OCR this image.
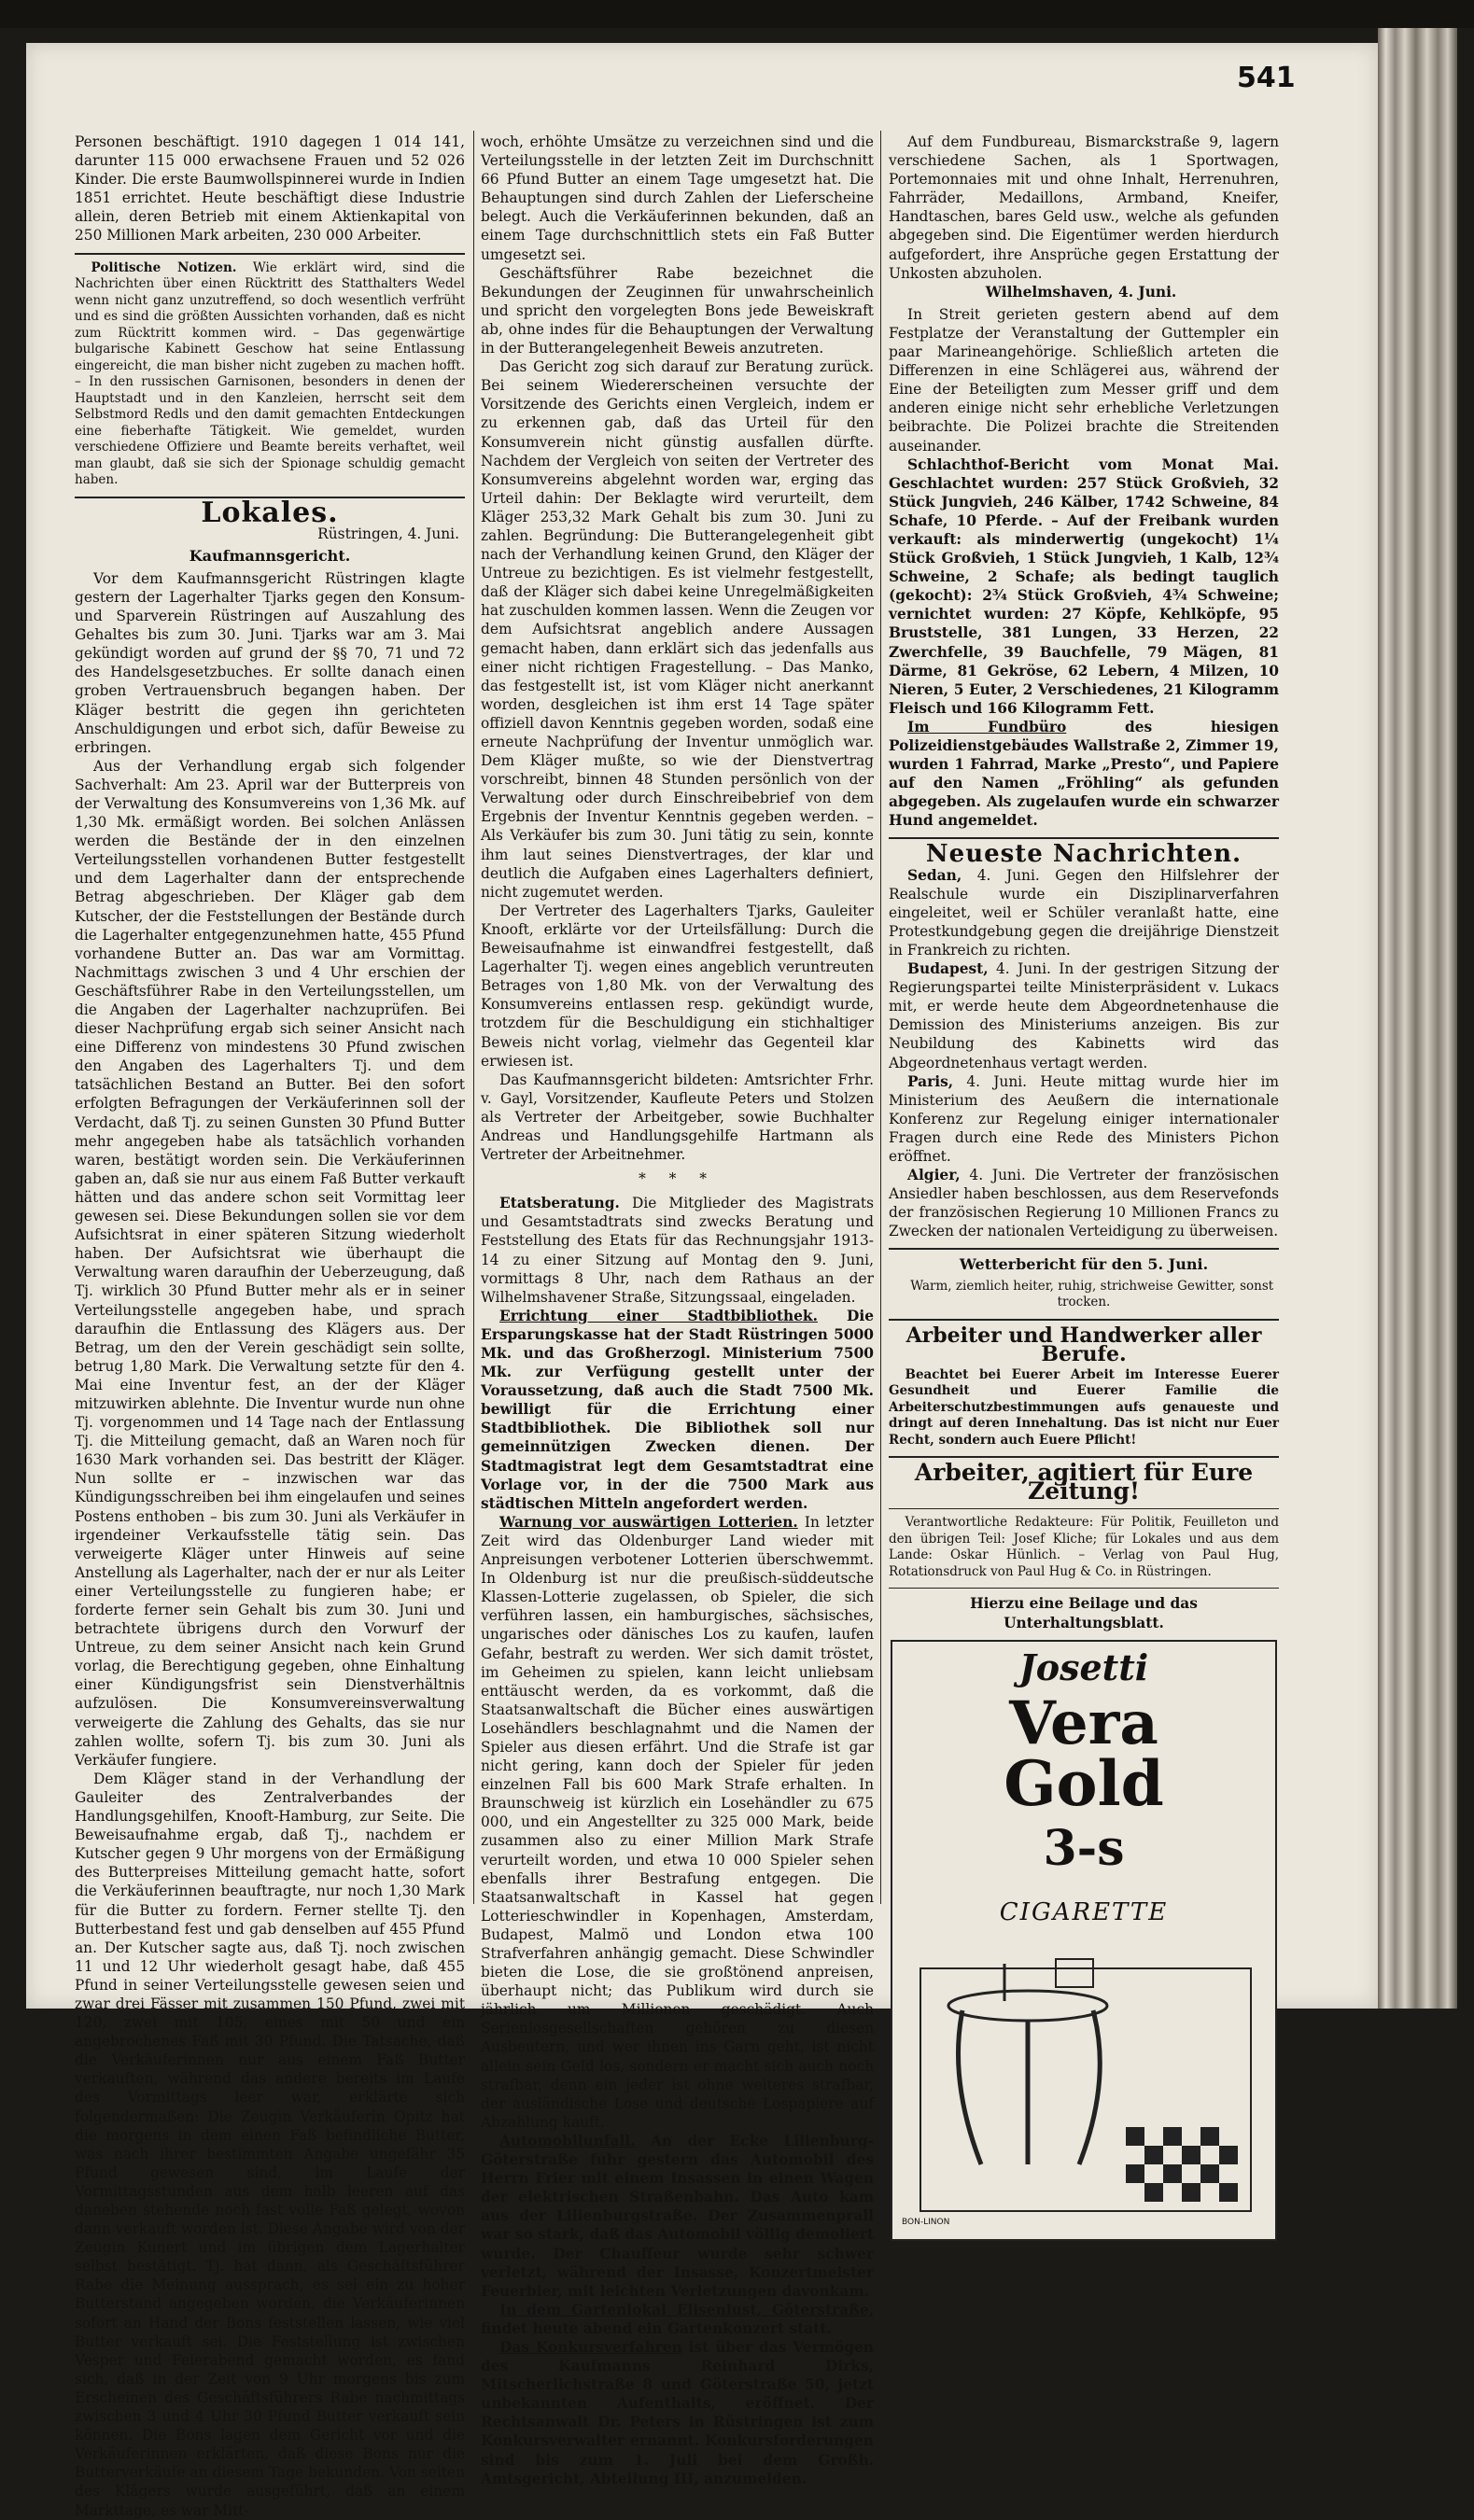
541

Personen beschäftigt. 1910 dagegen 1 014 141, darunter 115 000 erwachsene Frauen und 52 026 Kinder. Die erste Baumwollspinnerei wurde in Indien 1851 errichtet. Heute beschäftigt diese Industrie allein, deren Betrieb mit einem Aktienkapital von 250 Millionen Mark arbeiten, 230 000 Arbeiter.

Politische Notizen. Wie erklärt wird, sind die Nachrichten über einen Rücktritt des Statthalters Wedel wenn nicht ganz unzutreffend, so doch wesentlich verfrüht und es sind die größten Aussichten vorhanden, daß es nicht zum Rücktritt kommen wird. – Das gegenwärtige bulgarische Kabinett Geschow hat seine Entlassung eingereicht, die man bisher nicht zugeben zu machen hofft. – In den russischen Garnisonen, besonders in denen der Hauptstadt und in den Kanzleien, herrscht seit dem Selbstmord Redls und den damit gemachten Entdeckungen eine fieberhafte Tätigkeit. Wie gemeldet, wurden verschiedene Offiziere und Beamte bereits verhaftet, weil man glaubt, daß sie sich der Spionage schuldig gemacht haben.

Lokales.
Rüstringen, 4. Juni.
Kaufmannsgericht.

Vor dem Kaufmannsgericht Rüstringen klagte gestern der Lagerhalter Tjarks gegen den Konsum- und Sparverein Rüstringen auf Auszahlung des Gehaltes bis zum 30. Juni. Tjarks war am 3. Mai gekündigt worden auf grund der §§ 70, 71 und 72 des Handelsgesetzbuches. Er sollte danach einen groben Vertrauensbruch begangen haben. Der Kläger bestritt die gegen ihn gerichteten Anschuldigungen und erbot sich, dafür Beweise zu erbringen.

Aus der Verhandlung ergab sich folgender Sachverhalt: Am 23. April war der Butterpreis von der Verwaltung des Konsumvereins von 1,36 Mk. auf 1,30 Mk. ermäßigt worden. Bei solchen Anlässen werden die Bestände der in den einzelnen Verteilungsstellen vorhandenen Butter festgestellt und dem Lagerhalter dann der entsprechende Betrag abgeschrieben. Der Kläger gab dem Kutscher, der die Feststellungen der Bestände durch die Lagerhalter entgegenzunehmen hatte, 455 Pfund vorhandene Butter an. Das war am Vormittag. Nachmittags zwischen 3 und 4 Uhr erschien der Geschäftsführer Rabe in den Verteilungsstellen, um die Angaben der Lagerhalter nachzuprüfen. Bei dieser Nachprüfung ergab sich seiner Ansicht nach eine Differenz von mindestens 30 Pfund zwischen den Angaben des Lagerhalters Tj. und dem tatsächlichen Bestand an Butter. Bei den sofort erfolgten Befragungen der Verkäuferinnen soll der Verdacht, daß Tj. zu seinen Gunsten 30 Pfund Butter mehr angegeben habe als tatsächlich vorhanden waren, bestätigt worden sein. Die Verkäuferinnen gaben an, daß sie nur aus einem Faß Butter verkauft hätten und das andere schon seit Vormittag leer gewesen sei. Diese Bekundungen sollen sie vor dem Aufsichtsrat in einer späteren Sitzung wiederholt haben. Der Aufsichtsrat wie überhaupt die Verwaltung waren daraufhin der Ueberzeugung, daß Tj. wirklich 30 Pfund Butter mehr als er in seiner Verteilungsstelle angegeben habe, und sprach daraufhin die Entlassung des Klägers aus. Der Betrag, um den der Verein geschädigt sein sollte, betrug 1,80 Mark. Die Verwaltung setzte für den 4. Mai eine Inventur fest, an der der Kläger mitzuwirken ablehnte. Die Inventur wurde nun ohne Tj. vorgenommen und 14 Tage nach der Entlassung Tj. die Mitteilung gemacht, daß an Waren noch für 1630 Mark vorhanden sei. Das bestritt der Kläger. Nun sollte er – inzwischen war das Kündigungsschreiben bei ihm eingelaufen und seines Postens enthoben – bis zum 30. Juni als Verkäufer in irgendeiner Verkaufsstelle tätig sein. Das verweigerte Kläger unter Hinweis auf seine Anstellung als Lagerhalter, nach der er nur als Leiter einer Verteilungsstelle zu fungieren habe; er forderte ferner sein Gehalt bis zum 30. Juni und betrachtete übrigens durch den Vorwurf der Untreue, zu dem seiner Ansicht nach kein Grund vorlag, die Berechtigung gegeben, ohne Einhaltung einer Kündigungsfrist sein Dienstverhältnis aufzulösen. Die Konsumvereinsverwaltung verweigerte die Zahlung des Gehalts, das sie nur zahlen wollte, sofern Tj. bis zum 30. Juni als Verkäufer fungiere.

Dem Kläger stand in der Verhandlung der Gauleiter des Zentralverbandes der Handlungsgehilfen, Knooft-Hamburg, zur Seite. Die Beweisaufnahme ergab, daß Tj., nachdem er Kutscher gegen 9 Uhr morgens von der Ermäßigung des Butterpreises Mitteilung gemacht hatte, sofort die Verkäuferinnen beauftragte, nur noch 1,30 Mark für die Butter zu fordern. Ferner stellte Tj. den Butterbestand fest und gab denselben auf 455 Pfund an. Der Kutscher sagte aus, daß Tj. noch zwischen 11 und 12 Uhr wiederholt gesagt habe, daß 455 Pfund in seiner Verteilungsstelle gewesen seien und zwar drei Fässer mit zusammen 150 Pfund, zwei mit 120, zwei mit 105, eines mit 50 und ein angebrochenes Faß mit 30 Pfund. Die Tatsache, daß die Verkäuferinnen nur aus einem Faß Butter verkauften, während das andere bereits im Laufe des Vormittags leer war, erklärte sich folgendermaßen: Die Zeugin Verkäuferin Opitz hat die morgens in dem einen Faß befindliche Butter, was nach ihrer bestimmten Angabe ungefähr 35 Pfund gewesen sind, im Laufe der Vormittagsstunden aus dem halb leeren auf das daneben stehende noch fast volle Faß gelegt, wovon dann verkauft worden ist. Diese Angabe wird von der Zeugin Kunert und im übrigen dem Lagerhalter selbst bestätigt. Tj. hat dann, als Geschäftsführer Rabe die Meinung aussprach, es sei ein zu hoher Butterstand angegeben worden, die Verkäuferinnen sofort an Hand der Bons feststellen lassen, wie viel Butter verkauft sei. Die Feststellung ist zwischen Vesper und Feierabend gemacht worden, es fand sich, daß in der Zeit von 9 Uhr morgens bis zum Erscheinen des Geschäftsführers Rabe nachmittags zwischen 3 und 4 Uhr 30 Pfund Butter verkauft sein können. Die Bons lagen dem Gericht vor und die Verkäuferinnen erklärten, daß diese Bons nur die Butterverkäufe an diesem Tage bekunden. Von seiten des Klägers wurde ausgeführt, daß an einem Markttage, es war Mitt-

woch, erhöhte Umsätze zu verzeichnen sind und die Verteilungsstelle in der letzten Zeit im Durchschnitt 66 Pfund Butter an einem Tage umgesetzt hat. Die Behauptungen sind durch Zahlen der Lieferscheine belegt. Auch die Verkäuferinnen bekunden, daß an einem Tage durchschnittlich stets ein Faß Butter umgesetzt sei.

Geschäftsführer Rabe bezeichnet die Bekundungen der Zeuginnen für unwahrscheinlich und spricht den vorgelegten Bons jede Beweiskraft ab, ohne indes für die Behauptungen der Verwaltung in der Butterangelegenheit Beweis anzutreten.

Das Gericht zog sich darauf zur Beratung zurück. Bei seinem Wiedererscheinen versuchte der Vorsitzende des Gerichts einen Vergleich, indem er zu erkennen gab, daß das Urteil für den Konsumverein nicht günstig ausfallen dürfte. Nachdem der Vergleich von seiten der Vertreter des Konsumvereins abgelehnt worden war, erging das Urteil dahin: Der Beklagte wird verurteilt, dem Kläger 253,32 Mark Gehalt bis zum 30. Juni zu zahlen. Begründung: Die Butterangelegenheit gibt nach der Verhandlung keinen Grund, den Kläger der Untreue zu bezichtigen. Es ist vielmehr festgestellt, daß der Kläger sich dabei keine Unregelmäßigkeiten hat zuschulden kommen lassen. Wenn die Zeugen vor dem Aufsichtsrat angeblich andere Aussagen gemacht haben, dann erklärt sich das jedenfalls aus einer nicht richtigen Fragestellung. – Das Manko, das festgestellt ist, ist vom Kläger nicht anerkannt worden, desgleichen ist ihm erst 14 Tage später offiziell davon Kenntnis gegeben worden, sodaß eine erneute Nachprüfung der Inventur unmöglich war. Dem Kläger mußte, so wie der Dienstvertrag vorschreibt, binnen 48 Stunden persönlich von der Verwaltung oder durch Einschreibebrief von dem Ergebnis der Inventur Kenntnis gegeben werden. – Als Verkäufer bis zum 30. Juni tätig zu sein, konnte ihm laut seines Dienstvertrages, der klar und deutlich die Aufgaben eines Lagerhalters definiert, nicht zugemutet werden.

Der Vertreter des Lagerhalters Tjarks, Gauleiter Knooft, erklärte vor der Urteilsfällung: Durch die Beweisaufnahme ist einwandfrei festgestellt, daß Lagerhalter Tj. wegen eines angeblich veruntreuten Betrages von 1,80 Mk. von der Verwaltung des Konsumvereins entlassen resp. gekündigt wurde, trotzdem für die Beschuldigung ein stichhaltiger Beweis nicht vorlag, vielmehr das Gegenteil klar erwiesen ist.

Das Kaufmannsgericht bildeten: Amtsrichter Frhr. v. Gayl, Vorsitzender, Kaufleute Peters und Stolzen als Vertreter der Arbeitgeber, sowie Buchhalter Andreas und Handlungsgehilfe Hartmann als Vertreter der Arbeitnehmer.

* * *

Etatsberatung. Die Mitglieder des Magistrats und Gesamtstadtrats sind zwecks Beratung und Feststellung des Etats für das Rechnungsjahr 1913-14 zu einer Sitzung auf Montag den 9. Juni, vormittags 8 Uhr, nach dem Rathaus an der Wilhelmshavener Straße, Sitzungssaal, eingeladen.

Errichtung einer Stadtbibliothek. Die Ersparungskasse hat der Stadt Rüstringen 5000 Mk. und das Großherzogl. Ministerium 7500 Mk. zur Verfügung gestellt unter der Voraussetzung, daß auch die Stadt 7500 Mk. bewilligt für die Errichtung einer Stadtbibliothek. Die Bibliothek soll nur gemeinnützigen Zwecken dienen. Der Stadtmagistrat legt dem Gesamtstadtrat eine Vorlage vor, in der die 7500 Mark aus städtischen Mitteln angefordert werden.

Warnung vor auswärtigen Lotterien. In letzter Zeit wird das Oldenburger Land wieder mit Anpreisungen verbotener Lotterien überschwemmt. In Oldenburg ist nur die preußisch-süddeutsche Klassen-Lotterie zugelassen, ob Spieler, die sich verführen lassen, ein hamburgisches, sächsisches, ungarisches oder dänisches Los zu kaufen, laufen Gefahr, bestraft zu werden. Wer sich damit tröstet, im Geheimen zu spielen, kann leicht unliebsam enttäuscht werden, da es vorkommt, daß die Staatsanwaltschaft die Bücher eines auswärtigen Losehändlers beschlagnahmt und die Namen der Spieler aus diesen erfährt. Und die Strafe ist gar nicht gering, kann doch der Spieler für jeden einzelnen Fall bis 600 Mark Strafe erhalten. In Braunschweig ist kürzlich ein Losehändler zu 675 000, und ein Angestellter zu 325 000 Mark, beide zusammen also zu einer Million Mark Strafe verurteilt worden, und etwa 10 000 Spieler sehen ebenfalls ihrer Bestrafung entgegen. Die Staatsanwaltschaft in Kassel hat gegen Lotterieschwindler in Kopenhagen, Amsterdam, Budapest, Malmö und London etwa 100 Strafverfahren anhängig gemacht. Diese Schwindler bieten die Lose, die sie großtönend anpreisen, überhaupt nicht; das Publikum wird durch sie jährlich um Millionen geschädigt. Auch Serienlosgesellschaften gehören zu diesen Ausbeutern, und wer ihnen ins Garn geht, ist nicht allein sein Geld los, sondern er macht sich auch noch strafbar, denn ein jeder ist ohne weiteres strafbar, der ausländische Lose und deutsche Lospapiere auf Abzahlung kauft.

Automobilunfall. An der Ecke Lilienburg-Göterstraße fuhr gestern das Automobil des Herrn Frier mit einem Insassen in einen Wagen der elektrischen Straßenbahn. Das Auto kam aus der Lilienburgstraße. Der Zusammenprall war so stark, daß das Automobil völlig demoliert wurde. Der Chauffeur wurde sehr schwer verletzt, während der Insasse, Konzertmeister Feuerbier, mit leichten Verletzungen davonkam.

In dem Gartenlokal Elisenlust, Göterstraße, findet heute abend ein Gartenkonzert statt.

Das Konkursverfahren ist über das Vermögen des Kaufmanns Reinhard Dirks, Mitscherlichstraße 8 und Göterstraße 50, jetzt unbekannten Aufenthalts, eröffnet. Der Rechtsanwalt Dr. Peters in Rüstringen ist zum Konkursverwalter ernannt. Konkursforderungen sind bis zum 1. Juli bei dem Großh. Amtsgericht, Abteilung III, anzumelden.

Auf dem Fundbureau, Bismarckstraße 9, lagern verschiedene Sachen, als 1 Sportwagen, Portemonnaies mit und ohne Inhalt, Herrenuhren, Fahrräder, Medaillons, Armband, Kneifer, Handtaschen, bares Geld usw., welche als gefunden abgegeben sind. Die Eigentümer werden hierdurch aufgefordert, ihre Ansprüche gegen Erstattung der Unkosten abzuholen.

Wilhelmshaven, 4. Juni.

In Streit gerieten gestern abend auf dem Festplatze der Veranstaltung der Guttempler ein paar Marineangehörige. Schließlich arteten die Differenzen in eine Schlägerei aus, während der Eine der Beteiligten zum Messer griff und dem anderen einige nicht sehr erhebliche Verletzungen beibrachte. Die Polizei brachte die Streitenden auseinander.

Schlachthof-Bericht vom Monat Mai. Geschlachtet wurden: 257 Stück Großvieh, 32 Stück Jungvieh, 246 Kälber, 1742 Schweine, 84 Schafe, 10 Pferde. – Auf der Freibank wurden verkauft: als minderwertig (ungekocht) 1¼ Stück Großvieh, 1 Stück Jungvieh, 1 Kalb, 12¾ Schweine, 2 Schafe; als bedingt tauglich (gekocht): 2¾ Stück Großvieh, 4¾ Schweine; vernichtet wurden: 27 Köpfe, Kehlköpfe, 95 Bruststelle, 381 Lungen, 33 Herzen, 22 Zwerchfelle, 39 Bauchfelle, 79 Mägen, 81 Därme, 81 Gekröse, 62 Lebern, 4 Milzen, 10 Nieren, 5 Euter, 2 Verschiedenes, 21 Kilogramm Fleisch und 166 Kilogramm Fett.

Im Fundbüro	des hiesigen Polizeidienstgebäudes Wallstraße 2, Zimmer 19, wurden 1 Fahrrad, Marke „Presto“, und Papiere auf den Namen „Fröhling“ als gefunden abgegeben. Als zugelaufen wurde ein schwarzer Hund angemeldet.

Neueste Nachrichten.

Sedan, 4. Juni. Gegen den Hilfslehrer der Realschule wurde ein Disziplinarverfahren eingeleitet, weil er Schüler veranlaßt hatte, eine Protestkundgebung gegen die dreijährige Dienstzeit in Frankreich zu richten.

Budapest, 4. Juni. In der gestrigen Sitzung der Regierungspartei teilte Ministerpräsident v. Lukacs mit, er werde heute dem Abgeordnetenhause die Demission des Ministeriums anzeigen. Bis zur Neubildung des Kabinetts wird das Abgeordnetenhaus vertagt werden.

Paris, 4. Juni. Heute mittag wurde hier im Ministerium des Aeußern die internationale Konferenz zur Regelung einiger internationaler Fragen durch eine Rede des Ministers Pichon eröffnet.

Algier, 4. Juni. Die Vertreter der französischen Ansiedler haben beschlossen, aus dem Reservefonds der französischen Regierung 10 Millionen Francs zu Zwecken der nationalen Verteidigung zu überweisen.

Wetterbericht für den 5. Juni.

Warm, ziemlich heiter, ruhig, strichweise Gewitter, sonst trocken.

Arbeiter und Handwerker aller Berufe.

Beachtet bei Euerer Arbeit im Interesse Euerer Gesundheit und Euerer Familie die Arbeiterschutzbestimmungen aufs genaueste und dringt auf deren Innehaltung. Das ist nicht nur Euer Recht, sondern auch Euere Pflicht!

Arbeiter, agitiert für Eure Zeitung!

Verantwortliche Redakteure: Für Politik, Feuilleton und den übrigen Teil: Josef Kliche; für Lokales und aus dem Lande: Oskar Hünlich. – Verlag von Paul Hug, Rotationsdruck von Paul Hug & Co. in Rüstringen.

Hierzu eine Beilage und das Unterhaltungsblatt.
Josetti
Vera
Gold
3-s
CIGARETTE
BON-LINON
